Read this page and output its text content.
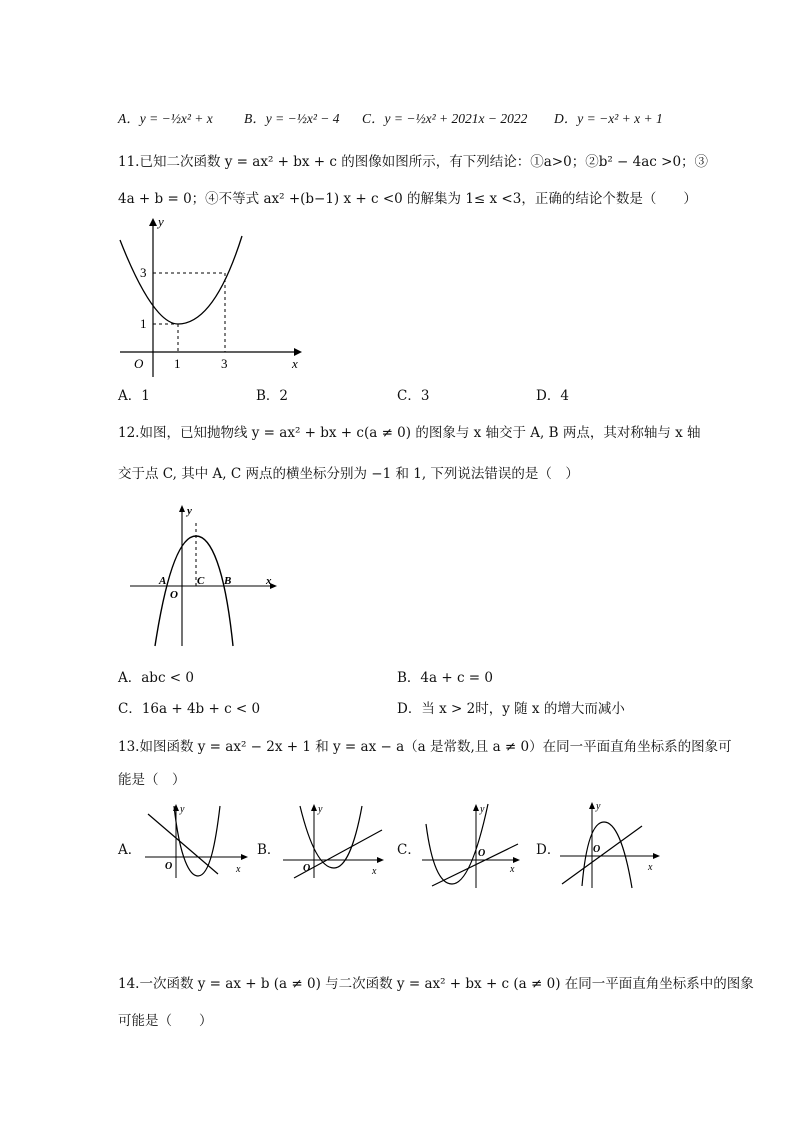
A．y = −½x² + x B．y = −½x² − 4 C．y = −½x² + 2021x − 2022 D．y = −x² + x + 1
11.已知二次函数 y = ax² + bx + c 的图像如图所示，有下列结论：①a>0；②b² − 4ac >0；③
4a + b = 0；④不等式 ax² +(b−1) x + c <0 的解集为 1≤ x <3，正确的结论个数是（　　）
y
x
O 1	3
1
3
A．1	B．2	C．3	D．4
12.如图，已知抛物线 y = ax² + bx + c(a ≠ 0) 的图象与 x 轴交于 A, B 两点，其对称轴与 x 轴
交于点 C, 其中 A, C 两点的横坐标分别为 −1 和 1, 下列说法错误的是（　）
y
x
A	C B
O
A．abc < 0	B．4a + c = 0
C．16a + 4b + c < 0	D．当 x > 2时，y 随 x 的增大而减小
13.如图函数 y = ax² − 2x + 1 和 y = ax − a（a 是常数,且 a ≠ 0）在同一平面直角坐标系的图象可
能是（　）
A．
y
x
O
B．
y
x
O
C．
y
x
O	D．
y
x
O
14.一次函数 y = ax + b (a ≠ 0) 与二次函数 y = ax² + bx + c (a ≠ 0) 在同一平面直角坐标系中的图象
可能是（　　）
